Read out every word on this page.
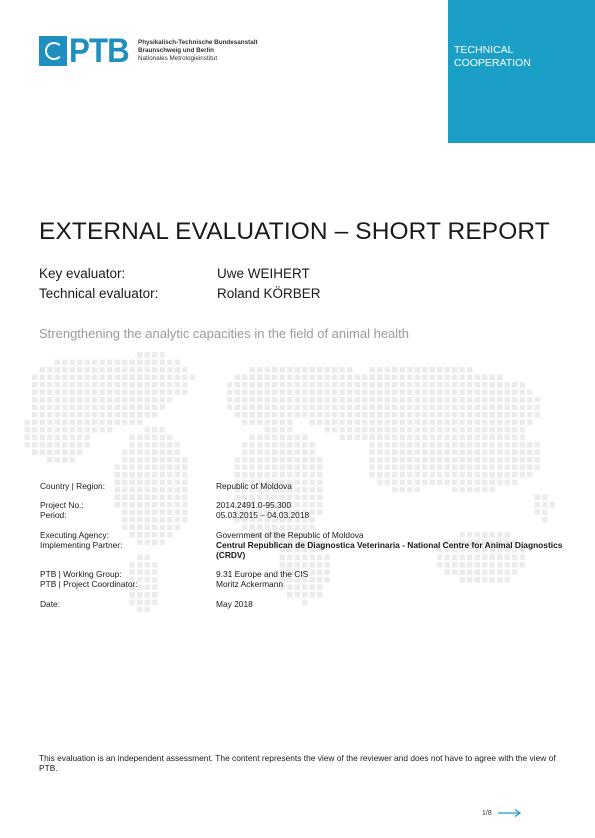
PTB Physikalisch-Technische Bundesanstalt
Braunschweig und Berlin
Nationales Metrologieinstitut
TECHNICAL
COOPERATION
EXTERNAL EVALUATION – SHORT REPORT
Key evaluator:	Uwe WEIHERT
Technical evaluator:	Roland KÖRBER
Strengthening the analytic capacities in the field of animal health
Country | Region:	Republic of Moldova
Project No.:	2014.2491.0-95.300
Period:	05.03.2015 – 04.03.2018
Executing Agency:	Government of the Republic of Moldova
Implementing Partner:	Centrul Republican de Diagnostica Veterinaria - National Centre for Animal Diagnostics (CRDV)
PTB | Working Group:	9.31 Europe and the CIS
PTB | Project Coordinator:	Moritz Ackermann
Date:	May 2018
This evaluation is an independent assessment. The content represents the view of the reviewer and does not have to agree with the view of PTB.
1/8
